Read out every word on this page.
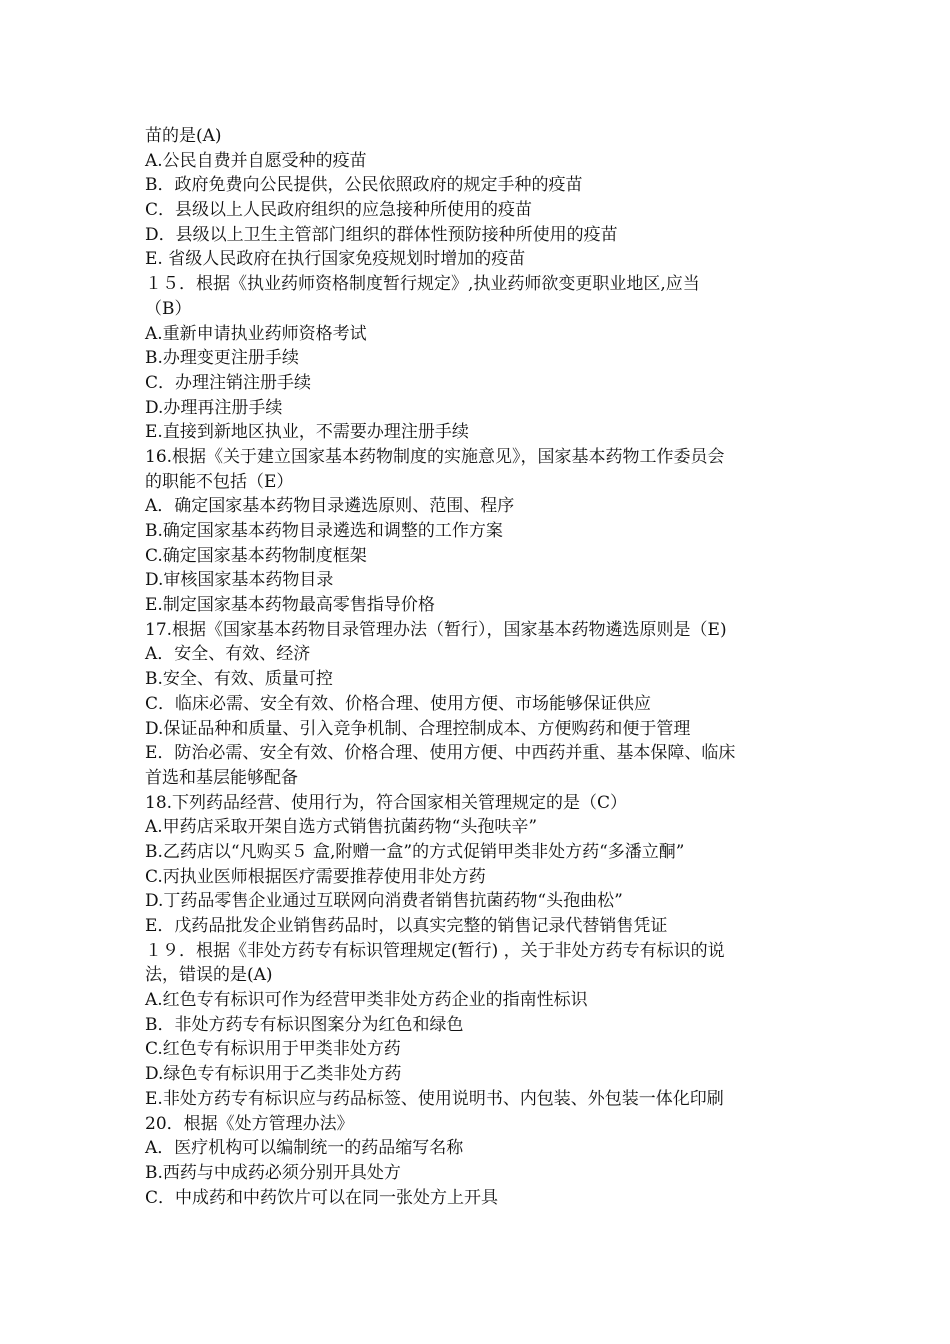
苗的是(A)
A.公民自费并自愿受种的疫苗
B．政府免费向公民提供，公民依照政府的规定手种的疫苗
C．县级以上人民政府组织的应急接种所使用的疫苗
D．县级以上卫生主管部门组织的群体性预防接种所使用的疫苗
E. 省级人民政府在执行国家免疫规划时增加的疫苗
１５．根据《执业药师资格制度暂行规定》,执业药师欲变更职业地区,应当
（B）
A.重新申请执业药师资格考试
B.办理变更注册手续
C．办理注销注册手续
D.办理再注册手续
E.直接到新地区执业，不需要办理注册手续
16.根据《关于建立国家基本药物制度的实施意见》，国家基本药物工作委员会
的职能不包括（E）
A．确定国家基本药物目录遴选原则、范围、程序
B.确定国家基本药物目录遴选和调整的工作方案
C.确定国家基本药物制度框架
D.审核国家基本药物目录
E.制定国家基本药物最高零售指导价格
17.根据《国家基本药物目录管理办法（暂行），国家基本药物遴选原则是（E)
A．安全、有效、经济
B.安全、有效、质量可控
C．临床必需、安全有效、价格合理、使用方便、市场能够保证供应
D.保证品种和质量、引入竞争机制、合理控制成本、方便购药和便于管理
E．防治必需、安全有效、价格合理、使用方便、中西药并重、基本保障、临床
首选和基层能够配备
18.下列药品经营、使用行为，符合国家相关管理规定的是（C）
A.甲药店采取开架自选方式销售抗菌药物“头孢呋辛”
B.乙药店以“凡购买５ 盒,附赠一盒”的方式促销甲类非处方药“多潘立酮”
C.丙执业医师根据医疗需要推荐使用非处方药
D.丁药品零售企业通过互联网向消费者销售抗菌药物“头孢曲松”
E．戊药品批发企业销售药品时，以真实完整的销售记录代替销售凭证
１９．根据《非处方药专有标识管理规定(暂行) ，关于非处方药专有标识的说
法，错误的是(A)
A.红色专有标识可作为经营甲类非处方药企业的指南性标识
B．非处方药专有标识图案分为红色和绿色
C.红色专有标识用于甲类非处方药
D.绿色专有标识用于乙类非处方药
E.非处方药专有标识应与药品标签、使用说明书、内包装、外包装一体化印刷
20．根据《处方管理办法》
A．医疗机构可以编制统一的药品缩写名称
B.西药与中成药必须分别开具处方
C．中成药和中药饮片可以在同一张处方上开具
